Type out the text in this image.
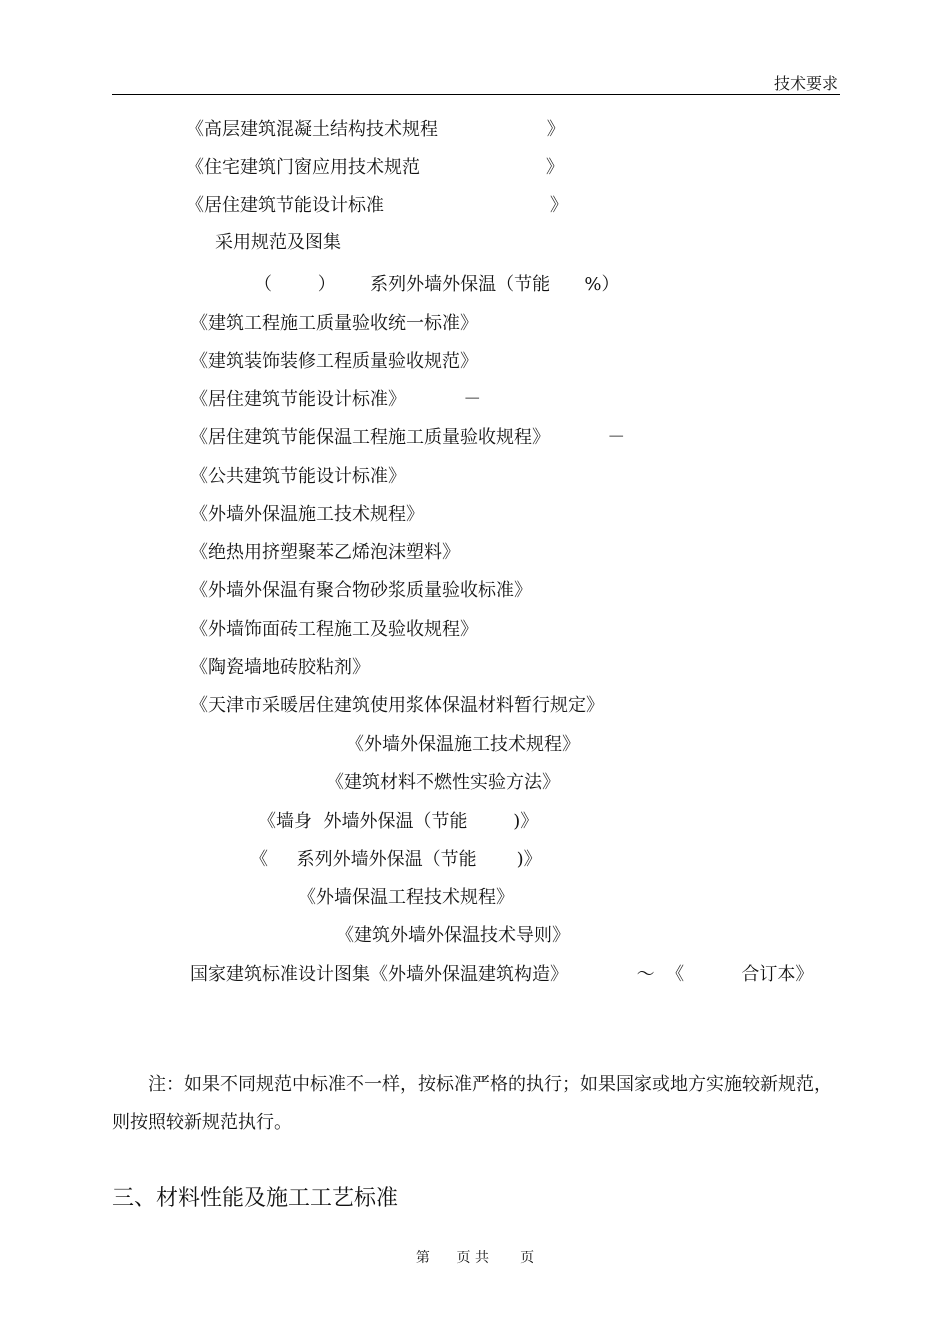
技术要求
《高层建筑混凝土结构技术规程                   》
《住宅建筑门窗应用技术规范                      》
《居住建筑节能设计标准                             》
采用规范及图集
（        ）      系列外墙外保温（节能      %）
《建筑工程施工质量验收统一标准》
《建筑装饰装修工程质量验收规范》
《居住建筑节能设计标准》          －
《居住建筑节能保温工程施工质量验收规程》          －
《公共建筑节能设计标准》
《外墙外保温施工技术规程》
《绝热用挤塑聚苯乙烯泡沫塑料》
《外墙外保温有聚合物砂浆质量验收标准》
《外墙饰面砖工程施工及验收规程》
《陶瓷墙地砖胶粘剂》
《天津市采暖居住建筑使用浆体保温材料暂行规定》
《外墙外保温施工技术规程》
《建筑材料不燃性实验方法》
《墙身  外墙外保温（节能        )》
《     系列外墙外保温（节能       )》
《外墙保温工程技术规程》
《建筑外墙外保温技术导则》
国家建筑标准设计图集《外墙外保温建筑构造》            ～  《          合订本》
注：如果不同规范中标准不一样，按标准严格的执行；如果国家或地方实施较新规范，则按照较新规范执行。
三、材料性能及施工工艺标准
第      页 共       页
